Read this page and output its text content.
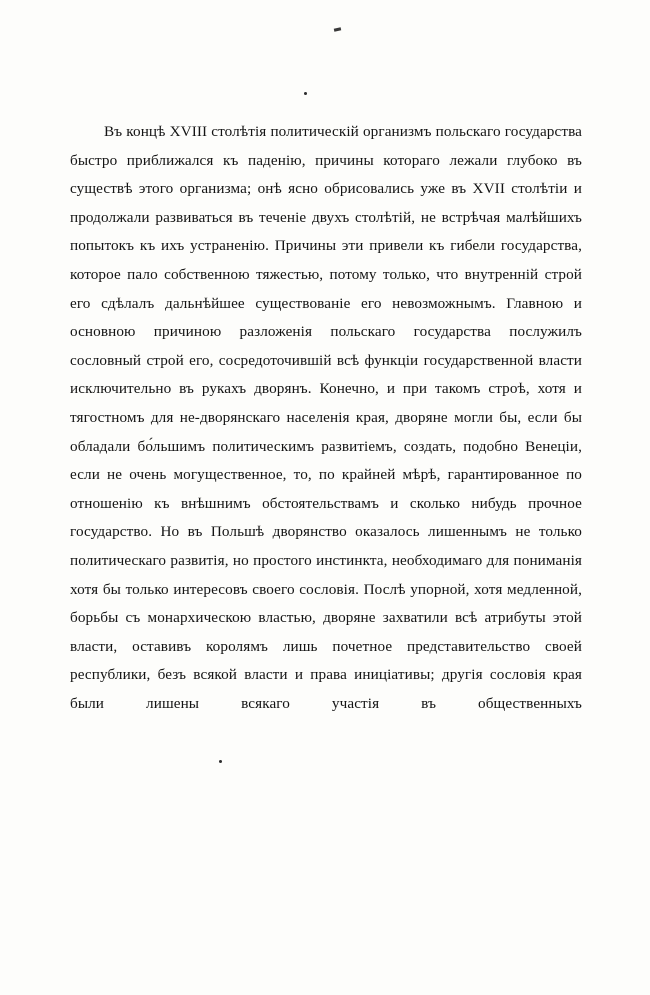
Въ концѣ XVIII столѣтія политическій организмъ польскаго государства быстро приближался къ паденію, причины котораго лежали глубоко въ существѣ этого организма; онѣ ясно обрисовались уже въ XVII столѣтіи и продолжали развиваться въ теченіе двухъ столѣтій, не встрѣчая малѣйшихъ попытокъ къ ихъ устраненію. Причины эти привели къ гибели государства, которое пало собственною тяжестью, потому только, что внутренній строй его сдѣлалъ дальнѣйшее существованіе его невозможнымъ. Главною и основною причиною разложенія польскаго государства послужилъ сословный строй его, сосредоточившій всѣ функціи государственной власти исключительно въ рукахъ дворянъ. Конечно, и при такомъ строѣ, хотя и тягостномъ для не-дворянскаго населенія края, дворяне могли бы, если бы обладали бо́льшимъ политическимъ развитіемъ, создать, подобно Венеціи, если не очень могущественное, то, по крайней мѣрѣ, гарантированное по отношенію къ внѣшнимъ обстоятельствамъ и сколько нибудь прочное государство. Но въ Польшѣ дворянство оказалось лишеннымъ не только политическаго развитія, но простого инстинкта, необходимаго для пониманія хотя бы только интересовъ своего сословія. Послѣ упорной, хотя медленной, борьбы съ монархическою властью, дворяне захватили всѣ атрибуты этой власти, оставивъ королямъ лишь почетное представительство своей республики, безъ всякой власти и права иниціативы; другія сословія края были лишены всякаго участія въ общественныхъ
